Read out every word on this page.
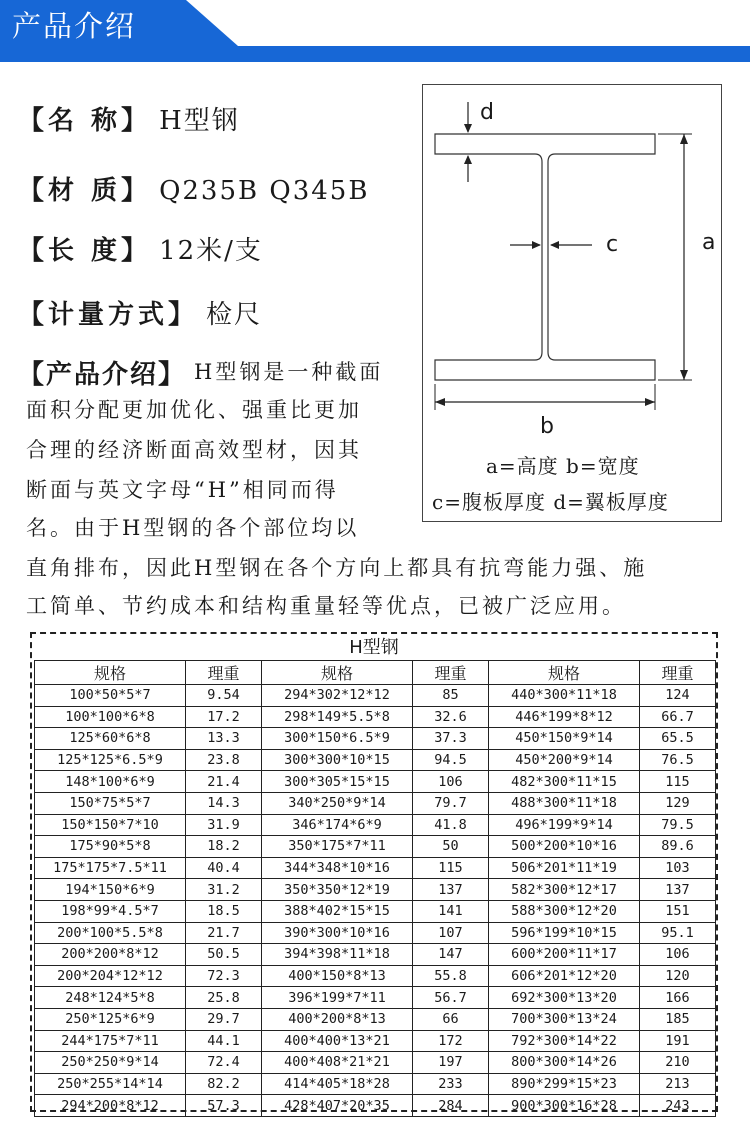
产品介绍
【名 称】 H型钢
【材 质】 Q235B Q345B
【长 度】 12米/支
【计量方式】 检尺
【产品介绍】 H型钢是一种截面
面积分配更加优化、强重比更加
合理的经济断面高效型材，因其
断面与英文字母“H”相同而得
名。由于H型钢的各个部位均以
直角排布，因此H型钢在各个方向上都具有抗弯能力强、施
工简单、节约成本和结构重量轻等优点，已被广泛应用。
d
c	a
b
a=高度 b=宽度
c=腹板厚度 d=翼板厚度
H型钢
规格	理重	规格	理重	规格	理重
100*50*5*7	9.54	294*302*12*12	85	440*300*11*18	124
100*100*6*8	17.2	298*149*5.5*8	32.6	446*199*8*12	66.7
125*60*6*8	13.3	300*150*6.5*9	37.3	450*150*9*14	65.5
125*125*6.5*9	23.8	300*300*10*15	94.5	450*200*9*14	76.5
148*100*6*9	21.4	300*305*15*15	106	482*300*11*15	115
150*75*5*7	14.3	340*250*9*14	79.7	488*300*11*18	129
150*150*7*10	31.9	346*174*6*9	41.8	496*199*9*14	79.5
175*90*5*8	18.2	350*175*7*11	50	500*200*10*16	89.6
175*175*7.5*11	40.4	344*348*10*16	115	506*201*11*19	103
194*150*6*9	31.2	350*350*12*19	137	582*300*12*17	137
198*99*4.5*7	18.5	388*402*15*15	141	588*300*12*20	151
200*100*5.5*8	21.7	390*300*10*16	107	596*199*10*15	95.1
200*200*8*12	50.5	394*398*11*18	147	600*200*11*17	106
200*204*12*12	72.3	400*150*8*13	55.8	606*201*12*20	120
248*124*5*8	25.8	396*199*7*11	56.7	692*300*13*20	166
250*125*6*9	29.7	400*200*8*13	66	700*300*13*24	185
244*175*7*11	44.1	400*400*13*21	172	792*300*14*22	191
250*250*9*14	72.4	400*408*21*21	197	800*300*14*26	210
250*255*14*14	82.2	414*405*18*28	233	890*299*15*23	213
294*200*8*12	57.3	428*407*20*35	284	900*300*16*28	243
